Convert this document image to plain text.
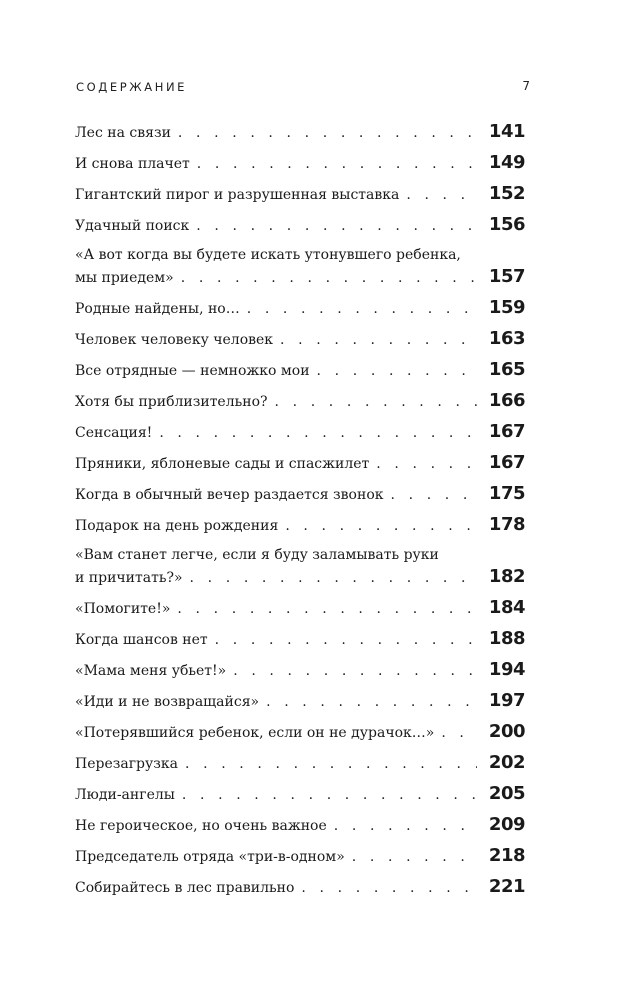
СОДЕРЖАНИЕ	7
Лес на связи . . .	141
И снова плачет . . .	149
Гигантский пирог и разрушенная выставка . . .	152
Удачный поиск . . .	156
«А вот когда вы будете искать утонувшего ребенка,
мы приедем» . . .	157
Родные найдены, но… . . .	159
Человек человеку человек . . .	163
Все отрядные — немножко мои . . .	165
Хотя бы приблизительно? . . .	166
Сенсация! . . .	167
Пряники, яблоневые сады и спасжилет . . .	167
Когда в обычный вечер раздается звонок . . .	175
Подарок на день рождения . . .	178
«Вам станет легче, если я буду заламывать руки
и причитать?» . . .	182
«Помогите!» . . .	184
Когда шансов нет . . .	188
«Мама меня убьет!» . . .	194
«Иди и не возвращайся» . . .	197
«Потерявшийся ребенок, если он не дурачок…» . . .	200
Перезагрузка . . .	202
Люди-ангелы . . .	205
Не героическое, но очень важное . . .	209
Председатель отряда «три-в-одном» . . .	218
Собирайтесь в лес правильно . . .	221
